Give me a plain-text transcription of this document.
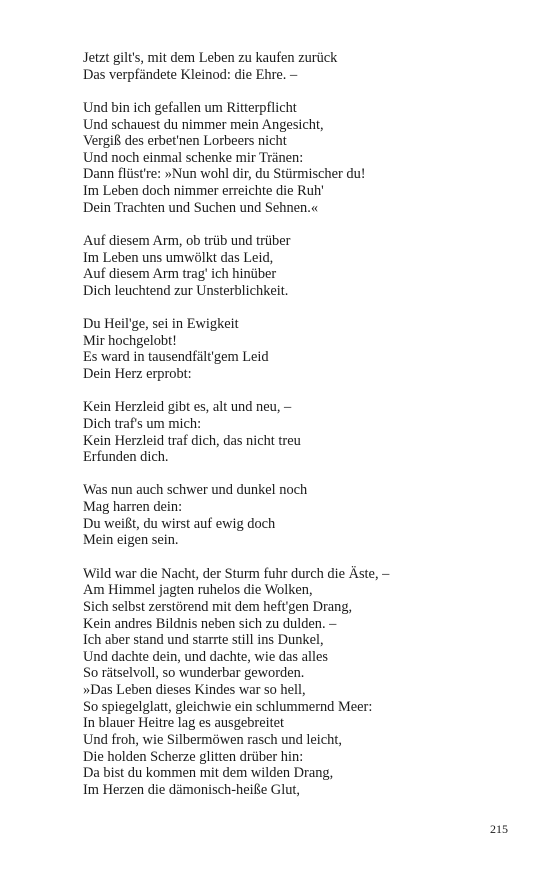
Jetzt gilt's, mit dem Leben zu kaufen zurück
Das verpfändete Kleinod: die Ehre. –
Und bin ich gefallen um Ritterpflicht
Und schauest du nimmer mein Angesicht,
Vergiß des erbet'nen Lorbeers nicht
Und noch einmal schenke mir Tränen:
Dann flüst're: »Nun wohl dir, du Stürmischer du!
Im Leben doch nimmer erreichte die Ruh'
Dein Trachten und Suchen und Sehnen.«
Auf diesem Arm, ob trüb und trüber
Im Leben uns umwölkt das Leid,
Auf diesem Arm trag' ich hinüber
Dich leuchtend zur Unsterblichkeit.
Du Heil'ge, sei in Ewigkeit
Mir hochgelobt!
Es ward in tausendfält'gem Leid
Dein Herz erprobt:
Kein Herzleid gibt es, alt und neu, –
Dich traf's um mich:
Kein Herzleid traf dich, das nicht treu
Erfunden dich.
Was nun auch schwer und dunkel noch
Mag harren dein:
Du weißt, du wirst auf ewig doch
Mein eigen sein.
Wild war die Nacht, der Sturm fuhr durch die Äste, –
Am Himmel jagten ruhelos die Wolken,
Sich selbst zerstörend mit dem heft'gen Drang,
Kein andres Bildnis neben sich zu dulden. –
Ich aber stand und starrte still ins Dunkel,
Und dachte dein, und dachte, wie das alles
So rätselvoll, so wunderbar geworden.
»Das Leben dieses Kindes war so hell,
So spiegelglatt, gleichwie ein schlummernd Meer:
In blauer Heitre lag es ausgebreitet
Und froh, wie Silbermöwen rasch und leicht,
Die holden Scherze glitten drüber hin:
Da bist du kommen mit dem wilden Drang,
Im Herzen die dämonisch-heiße Glut,
215
